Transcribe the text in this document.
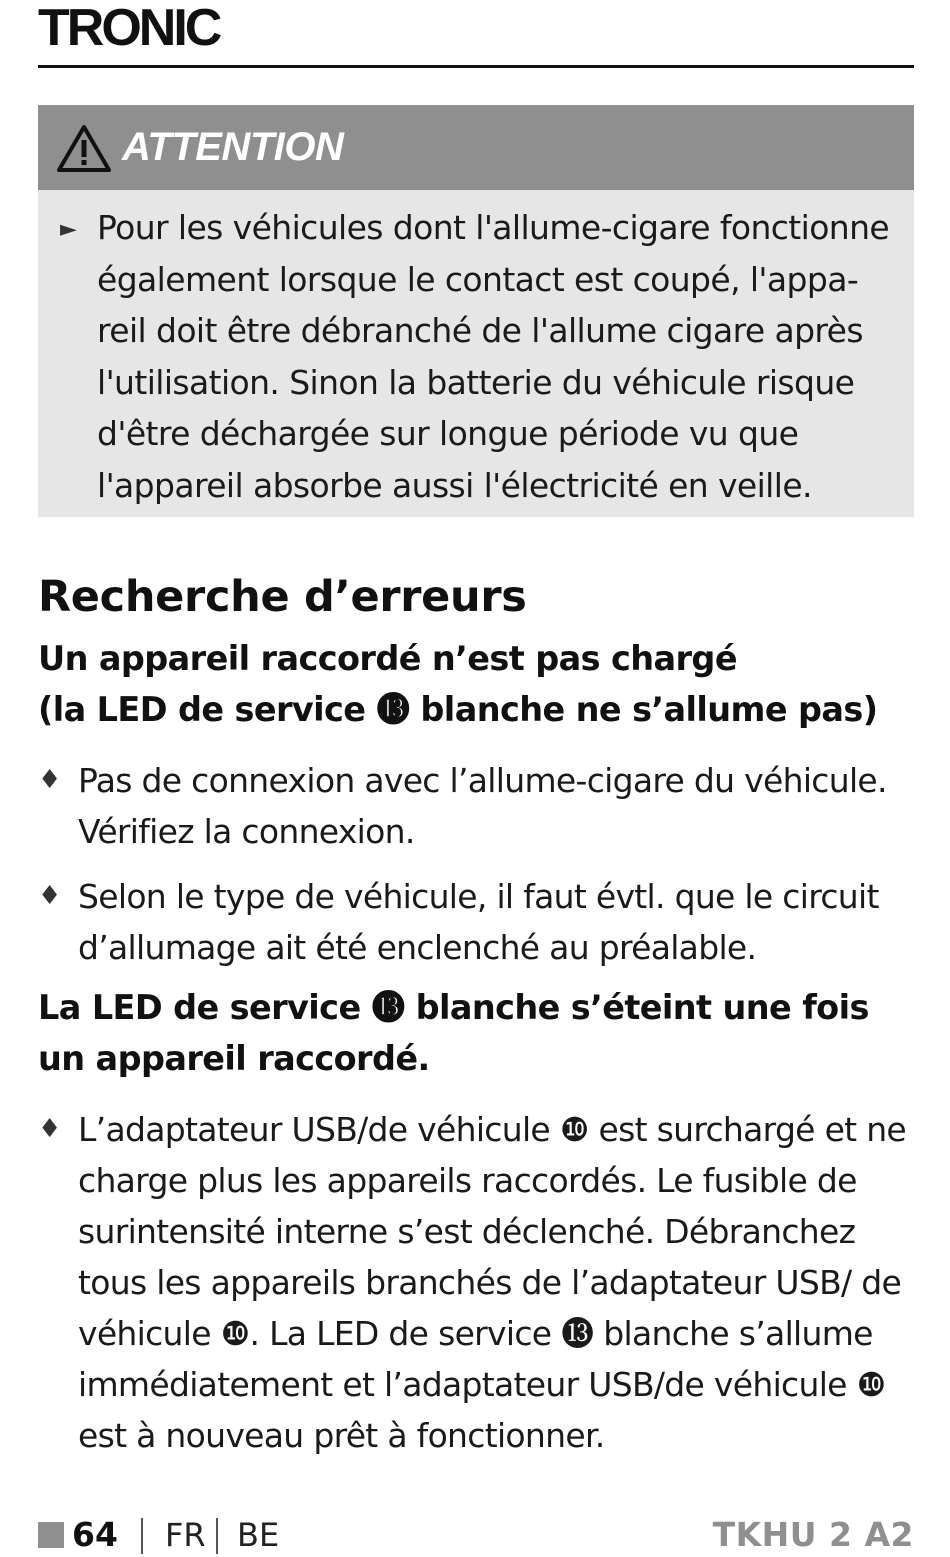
TRONIC
ATTENTION
► Pour les véhicules dont l'allume-cigare fonctionne également lorsque le contact est coupé, l'appa-reil doit être débranché de l'allume cigare après l'utilisation. Sinon la batterie du véhicule risque d'être déchargée sur longue période vu que l'appareil absorbe aussi l'électricité en veille.
Recherche d’erreurs
Un appareil raccordé n’est pas chargé
(la LED de service ⓭ blanche ne s’allume pas)
♦ Pas de connexion avec l’allume-cigare du véhicule. Vérifiez la connexion.
♦ Selon le type de véhicule, il faut évtl. que le circuit d’allumage ait été enclenché au préalable.
La LED de service ⓭ blanche s’éteint une fois
un appareil raccordé.
♦ L’adaptateur USB/de véhicule ❿ est surchargé et ne charge plus les appareils raccordés. Le fusible de surintensité interne s’est déclenché. Débranchez tous les appareils branchés de l’adaptateur USB/ de véhicule ❿. La LED de service ⓭ blanche s’allume immédiatement et l’adaptateur USB/de véhicule ❿ est à nouveau prêt à fonctionner.
64 FR BE	TKHU 2 A2
